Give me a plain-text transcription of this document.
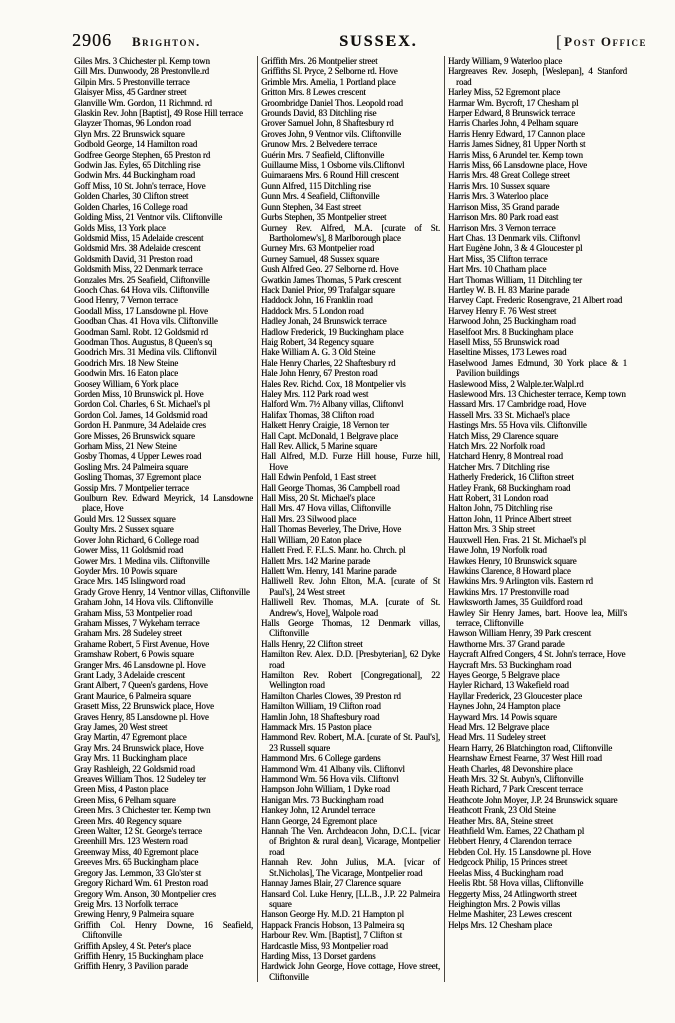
2906 Brighton.	SUSSEX.	[Post Office

Giles Mrs. 3 Chichester pl. Kemp town

Gill Mrs. Dunwoody, 28 Prestonvlle.rd

Gilpin Mrs. 5 Prestonville terrace

Glaisyer Miss, 45 Gardner street

Glanville Wm. Gordon, 11 Richmnd. rd

Glaskin Rev. John [Baptist], 49 Rose Hill terrace

Glayzer Thomas, 96 London road

Glyn Mrs. 22 Brunswick square

Godbold George, 14 Hamilton road

Godfree George Stephen, 65 Preston rd

Godwin Jas. Eyles, 65 Ditchling rise

Godwin Mrs. 44 Buckingham road

Goff Miss, 10 St. John's terrace, Hove

Golden Charles, 30 Clifton street

Golden Charles, 16 College road

Golding Miss, 21 Ventnor vils. Cliftonville

Golds Miss, 13 York place

Goldsmid Miss, 15 Adelaide crescent

Goldsmid Mrs. 38 Adelaide crescent

Goldsmith David, 31 Preston road

Goldsmith Miss, 22 Denmark terrace

Gonzales Mrs. 25 Seafield, Cliftonville

Gooch Chas. 64 Hova vils. Cliftonville

Good Henry, 7 Vernon terrace

Goodall Miss, 17 Lansdowne pl. Hove

Goodban Chas. 41 Hova vils. Cliftonville

Goodman Saml. Robt. 12 Goldsmid rd

Goodman Thos. Augustus, 8 Queen's sq

Goodrich Mrs. 31 Medina vils. Cliftonvil

Goodrich Mrs. 18 New Steine

Goodwin Mrs. 16 Eaton place

Goosey William, 6 York place

Gorden Miss, 10 Brunswick pl. Hove

Gordon Col. Charles, 6 St. Michael's pl

Gordon Col. James, 14 Goldsmid road

Gordon H. Panmure, 34 Adelaide cres

Gore Misses, 26 Brunswick square

Gorham Miss, 21 New Steine

Gosby Thomas, 4 Upper Lewes road

Gosling Mrs. 24 Palmeira square

Gosling Thomas, 37 Egremont place

Gossip Mrs. 7 Montpelier terrace

Goulburn Rev. Edward Meyrick, 14 Lansdowne place, Hove

Gould Mrs. 12 Sussex square

Goulty Mrs. 2 Sussex square

Gover John Richard, 6 College road

Gower Miss, 11 Goldsmid road

Gower Mrs. 1 Medina vils. Cliftonville

Goyder Mrs. 10 Powis square

Grace Mrs. 145 Islingword road

Grady Grove Henry, 14 Ventnor villas, Cliftonville

Graham John, 14 Hova vils. Cliftonville

Graham Miss, 53 Montpelier road

Graham Misses, 7 Wykeham terrace

Graham Mrs. 28 Sudeley street

Grahame Robert, 5 First Avenue, Hove

Gramshaw Robert, 6 Powis square

Granger Mrs. 46 Lansdowne pl. Hove

Grant Lady, 3 Adelaide crescent

Grant Albert, 7 Queen's gardens, Hove

Grant Maurice, 6 Palmeira square

Grasett Miss, 22 Brunswick place, Hove

Graves Henry, 85 Lansdowne pl. Hove

Gray James, 20 West street

Gray Martin, 47 Egremont place

Gray Mrs. 24 Brunswick place, Hove

Gray Mrs. 11 Buckingham place

Gray Rashleigh, 22 Goldsmid road

Greaves William Thos. 12 Sudeley ter

Green Miss, 4 Paston place

Green Miss, 6 Pelham square

Green Mrs. 3 Chichester ter. Kemp twn

Green Mrs. 40 Regency square

Green Walter, 12 St. George's terrace

Greenhill Mrs. 123 Western road

Greenway Miss, 40 Egremont place

Greeves Mrs. 65 Buckingham place

Gregory Jas. Lemmon, 33 Glo'ster st

Gregory Richard Wm. 61 Preston road

Gregory Wm. Anson, 30 Montpelier cres

Greig Mrs. 13 Norfolk terrace

Grewing Henry, 9 Palmeira square

Griffith Col. Henry Downe, 16 Seafield, Cliftonville

Griffith Apsley, 4 St. Peter's place

Griffith Henry, 15 Buckingham place

Griffith Henry, 3 Pavilion parade

Griffith Mrs. 26 Montpelier street

Griffiths Sl. Pryce, 2 Selborne rd. Hove

Grimble Mrs. Amelia, 1 Portland place

Gritton Mrs. 8 Lewes crescent

Groombridge Daniel Thos. Leopold road

Grounds David, 83 Ditchling rise

Grover Samuel John, 8 Shaftesbury rd

Groves John, 9 Ventnor vils. Cliftonville

Grunow Mrs. 2 Belvedere terrace

Guérin Mrs. 7 Seafield, Cliftonville

Guillaume Miss, 1 Osborne vils.Cliftonvl

Guimaraens Mrs. 6 Round Hill crescent

Gunn Alfred, 115 Ditchling rise

Gunn Mrs. 4 Seafield, Cliftonville

Gunn Stephen, 34 East street

Gurbs Stephen, 35 Montpelier street

Gurney Rev. Alfred, M.A. [curate of St. Bartholomew's], 8 Marlborough place

Gurney Mrs. 63 Montpelier road

Gurney Samuel, 48 Sussex square

Gush Alfred Geo. 27 Selborne rd. Hove

Gwatkin James Thomas, 5 Park crescent

Hack Daniel Prior, 99 Trafalgar square

Haddock John, 16 Franklin road

Haddock Mrs. 5 London road

Hadley Jonah, 24 Brunswick terrace

Hadlow Frederick, 19 Buckingham place

Haig Robert, 34 Regency square

Hake William A. G. 3 Old Steine

Hale Henry Charles, 22 Shaftesbury rd

Hale John Henry, 67 Preston road

Hales Rev. Richd. Cox, 18 Montpelier vls

Haley Mrs. 112 Park road west

Halford Wm. 7½ Albany villas, Cliftonvl

Halifax Thomas, 38 Clifton road

Halkett Henry Craigie, 18 Vernon ter

Hall Capt. McDonald, 1 Belgrave place

Hall Rev. Allick, 5 Marine square

Hall Alfred, M.D. Furze Hill house, Furze hill, Hove

Hall Edwin Penfold, 1 East street

Hall George Thomas, 36 Campbell road

Hall Miss, 20 St. Michael's place

Hall Mrs. 47 Hova villas, Cliftonville

Hall Mrs. 23 Silwood place

Hall Thomas Beverley, The Drive, Hove

Hall William, 20 Eaton place

Hallett Fred. F. F.L.S. Manr. ho. Chrch. pl

Hallett Mrs. 142 Marine parade

Hallett Wm. Henry, 141 Marine parade

Halliwell Rev. John Elton, M.A. [curate of St Paul's], 24 West street

Halliwell Rev. Thomas, M.A. [curate of St. Andrew's, Hove], Walpole road

Halls George Thomas, 12 Denmark villas, Cliftonville

Halls Henry, 22 Clifton street

Hamilton Rev. Alex. D.D. [Presbyterian], 62 Dyke road

Hamilton Rev. Robert [Congregational], 22 Wellington road

Hamilton Charles Clowes, 39 Preston rd

Hamilton William, 19 Clifton road

Hamlin John, 18 Shaftesbury road

Hammack Mrs. 15 Paston place

Hammond Rev. Robert, M.A. [curate of St. Paul's], 23 Russell square

Hammond Mrs. 6 College gardens

Hammond Wm. 41 Albany vils. Cliftonvl

Hammond Wm. 56 Hova vils. Cliftonvl

Hampson John William, 1 Dyke road

Hanigan Mrs. 73 Buckingham road

Hankey John, 12 Arundel terrace

Hann George, 24 Egremont place

Hannah The Ven. Archdeacon John, D.C.L. [vicar of Brighton & rural dean], Vicarage, Montpelier road

Hannah Rev. John Julius, M.A. [vicar of St.Nicholas], The Vicarage, Montpelier road

Hannay James Blair, 27 Clarence square

Hansard Col. Luke Henry, [LL.B., J.P. 22 Palmeira square

Hanson George Hy. M.D. 21 Hampton pl

Happack Francis Hobson, 13 Palmeira sq

Harbour Rev. Wm. [Baptist], 7 Clifton st

Hardcastle Miss, 93 Montpelier road

Harding Miss, 13 Dorset gardens

Hardwick John George, Hove cottage, Hove street, Cliftonville

Hardy William, 9 Waterloo place

Hargreaves Rev. Joseph, [Weslepan], 4 Stanford road

Harley Miss, 52 Egremont place

Harmar Wm. Bycroft, 17 Chesham pl

Harper Edward, 8 Brunswick terrace

Harris Charles John, 4 Pelham square

Harris Henry Edward, 17 Cannon place

Harris James Sidney, 81 Upper North st

Harris Miss, 6 Arundel ter. Kemp town

Harris Miss, 66 Lansdowne place, Hove

Harris Mrs. 48 Great College street

Harris Mrs. 10 Sussex square

Harris Mrs. 3 Waterloo place

Harrison Miss, 35 Grand parade

Harrison Mrs. 80 Park road east

Harrison Mrs. 3 Vernon terrace

Hart Chas. 13 Denmark vils. Cliftonvl

Hart Eugène John, 3 & 4 Gloucester pl

Hart Miss, 35 Clifton terrace

Hart Mrs. 10 Chatham place

Hart Thomas William, 11 Ditchling ter

Hartley W. B. H. 83 Marine parade

Harvey Capt. Frederic Rosengrave, 21 Albert road

Harvey Henry F. 76 West street

Harwood John, 25 Buckingham road

Haselfoot Mrs. 8 Buckingham place

Hasell Miss, 55 Brunswick road

Haseltine Misses, 173 Lewes road

Haselwood James Edmund, 30 York place & 1 Pavilion buildings

Haslewood Miss, 2 Walple.ter.Walpl.rd

Haslewood Mrs. 13 Chichester terrace, Kemp town

Hassard Mrs. 17 Cambridge road, Hove

Hassell Mrs. 33 St. Michael's place

Hastings Mrs. 55 Hova vils. Cliftonville

Hatch Miss, 29 Clarence square

Hatch Mrs. 22 Norfolk road

Hatchard Henry, 8 Montreal road

Hatcher Mrs. 7 Ditchling rise

Hatherly Frederick, 16 Clifton street

Hatley Frank, 68 Buckingham road

Hatt Robert, 31 London road

Halton John, 75 Ditchling rise

Hatton John, 11 Prince Albert street

Hatton Mrs. 3 Ship street

Hauxwell Hen. Fras. 21 St. Michael's pl

Hawe John, 19 Norfolk road

Hawkes Henry, 10 Brunswick square

Hawkins Clarence, 8 Howard place

Hawkins Mrs. 9 Arlington vils. Eastern rd

Hawkins Mrs. 17 Prestonville road

Hawksworth James, 35 Guildford road

Hawley Sir Henry James, bart. Hoove lea, Mill's terrace, Cliftonville

Hawson William Henry, 39 Park crescent

Hawthorne Mrs. 37 Grand parade

Haycraft Alfred Congers, 4 St. John's terrace, Hove

Haycraft Mrs. 53 Buckingham road

Hayes George, 5 Belgrave place

Hayler Richard, 13 Wakefield road

Hayllar Frederick, 23 Gloucester place

Haynes John, 24 Hampton place

Hayward Mrs. 14 Powis square

Head Mrs. 12 Belgrave place

Head Mrs. 11 Sudeley street

Hearn Harry, 26 Blatchington road, Cliftonville

Hearnshaw Ernest Fearne, 37 West Hill road

Heath Charles, 48 Devonshire place

Heath Mrs. 32 St. Aubyn's, Cliftonville

Heath Richard, 7 Park Crescent terrace

Heathcote John Moyer, J.P. 24 Brunswick square

Heathcott Frank, 23 Old Steine

Heather Mrs. 8A, Steine street

Heathfield Wm. Eames, 22 Chatham pl

Hebbert Henry, 4 Clarendon terrace

Hebden Col. Hy. 15 Lansdowne pl. Hove

Hedgcock Philip, 15 Princes street

Heelas Miss, 4 Buckingham road

Heelis Rbt. 58 Hova villas, Cliftonville

Heggerty Miss, 24 Atlingworth street

Heighington Mrs. 2 Powis villas

Helme Mashiter, 23 Lewes crescent

Helps Mrs. 12 Chesham place
